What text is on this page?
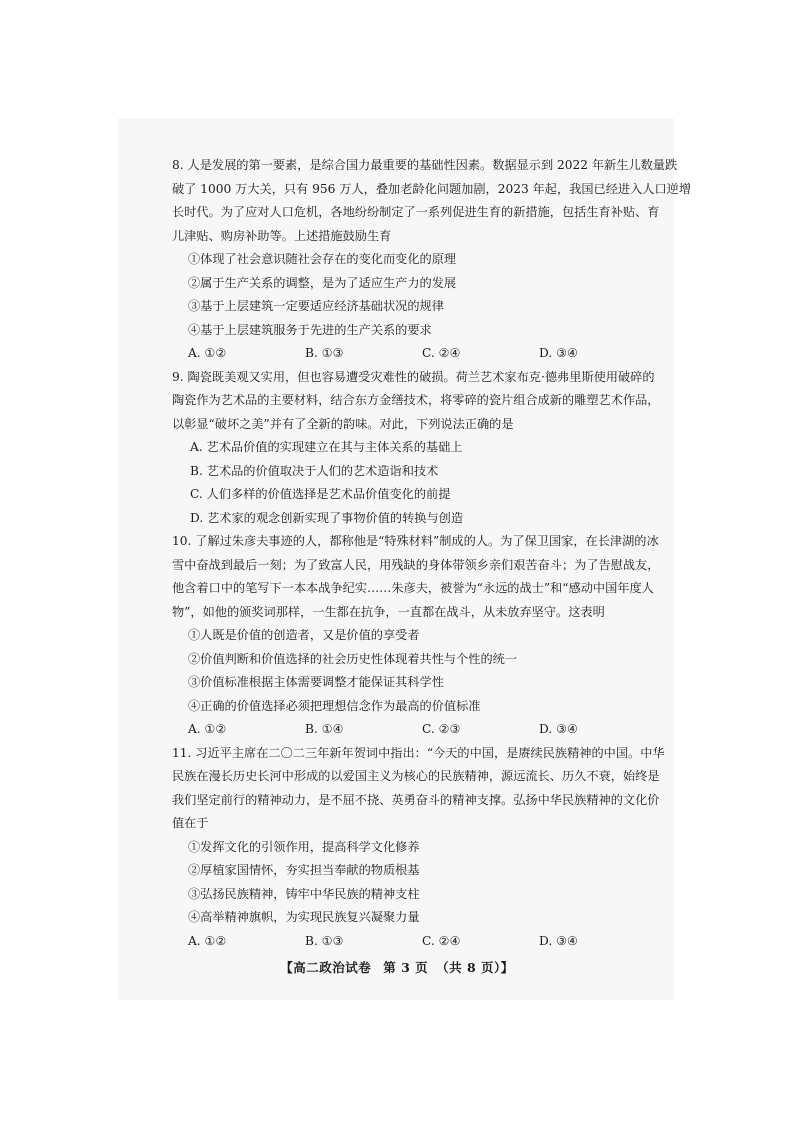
8. 人是发展的第一要素，是综合国力最重要的基础性因素。数据显示到 2022 年新生儿数量跌
破了 1000 万大关，只有 956 万人，叠加老龄化问题加剧，2023 年起，我国已经进入人口逆增
长时代。为了应对人口危机，各地纷纷制定了一系列促进生育的新措施，包括生育补贴、育
儿津贴、购房补助等。上述措施鼓励生育
①体现了社会意识随社会存在的变化而变化的原理
②属于生产关系的调整，是为了适应生产力的发展
③基于上层建筑一定要适应经济基础状况的规律
④基于上层建筑服务于先进的生产关系的要求
A. ①②	B. ①③	C. ②④	D. ③④
9. 陶瓷既美观又实用，但也容易遭受灾难性的破损。荷兰艺术家布克·德弗里斯使用破碎的
陶瓷作为艺术品的主要材料，结合东方金缮技术，将零碎的瓷片组合成新的雕塑艺术作品，
以彰显“破坏之美”并有了全新的韵味。对此，下列说法正确的是
A. 艺术品价值的实现建立在其与主体关系的基础上
B. 艺术品的价值取决于人们的艺术造诣和技术
C. 人们多样的价值选择是艺术品价值变化的前提
D. 艺术家的观念创新实现了事物价值的转换与创造
10. 了解过朱彦夫事迹的人，都称他是“特殊材料”制成的人。为了保卫国家，在长津湖的冰
雪中奋战到最后一刻；为了致富人民，用残缺的身体带领乡亲们艰苦奋斗；为了告慰战友，
他含着口中的笔写下一本本战争纪实……朱彦夫，被誉为“永远的战士”和“感动中国年度人
物”，如他的颁奖词那样，一生都在抗争，一直都在战斗，从未放弃坚守。这表明
①人既是价值的创造者，又是价值的享受者
②价值判断和价值选择的社会历史性体现着共性与个性的统一
③价值标准根据主体需要调整才能保证其科学性
④正确的价值选择必须把理想信念作为最高的价值标准
A. ①②	B. ①④	C. ②③	D. ③④
11. 习近平主席在二〇二三年新年贺词中指出：“今天的中国，是赓续民族精神的中国。中华
民族在漫长历史长河中形成的以爱国主义为核心的民族精神，源远流长、历久不衰，始终是
我们坚定前行的精神动力，是不屈不挠、英勇奋斗的精神支撑。弘扬中华民族精神的文化价
值在于
①发挥文化的引领作用，提高科学文化修养
②厚植家国情怀，夯实担当奉献的物质根基
③弘扬民族精神，铸牢中华民族的精神支柱
④高举精神旗帜，为实现民族复兴凝聚力量
A. ①②	B. ①③	C. ②④	D. ③④
【高二政治试卷 第 3 页 （共 8 页）】
